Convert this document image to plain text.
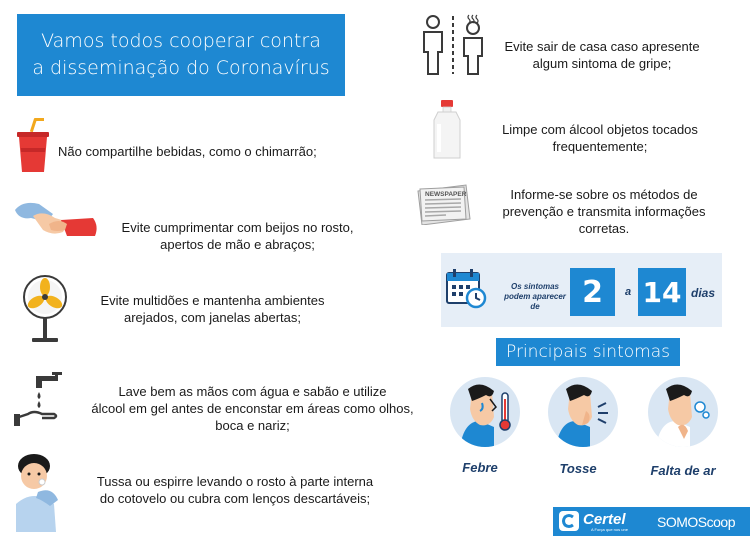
Vamos todos cooperar contra
a disseminação do Coronavírus
Não compartilhe bebidas, como o chimarrão;
Evite cumprimentar com beijos no rosto,
apertos de mão e abraços;
Evite multidões e mantenha ambientes
arejados, com janelas abertas;
Lave bem as mãos com água e sabão e utilize
álcool em gel antes de enconstar em áreas como olhos,
boca e nariz;
Tussa ou espirre levando o rosto à parte interna
do cotovelo ou cubra com lenços descartáveis;
Evite sair de casa caso apresente
algum sintoma de gripe;
Limpe com álcool objetos tocados
frequentemente;
NEWSPAPER	Informe-se sobre os métodos de
prevenção e transmita informações
corretas.
Os sintomas
podem aparecer de	2	a 14 dias
Principais sintomas
Febre	Tosse	Falta de ar
Certel
A Força que nos une SOMOScoop
